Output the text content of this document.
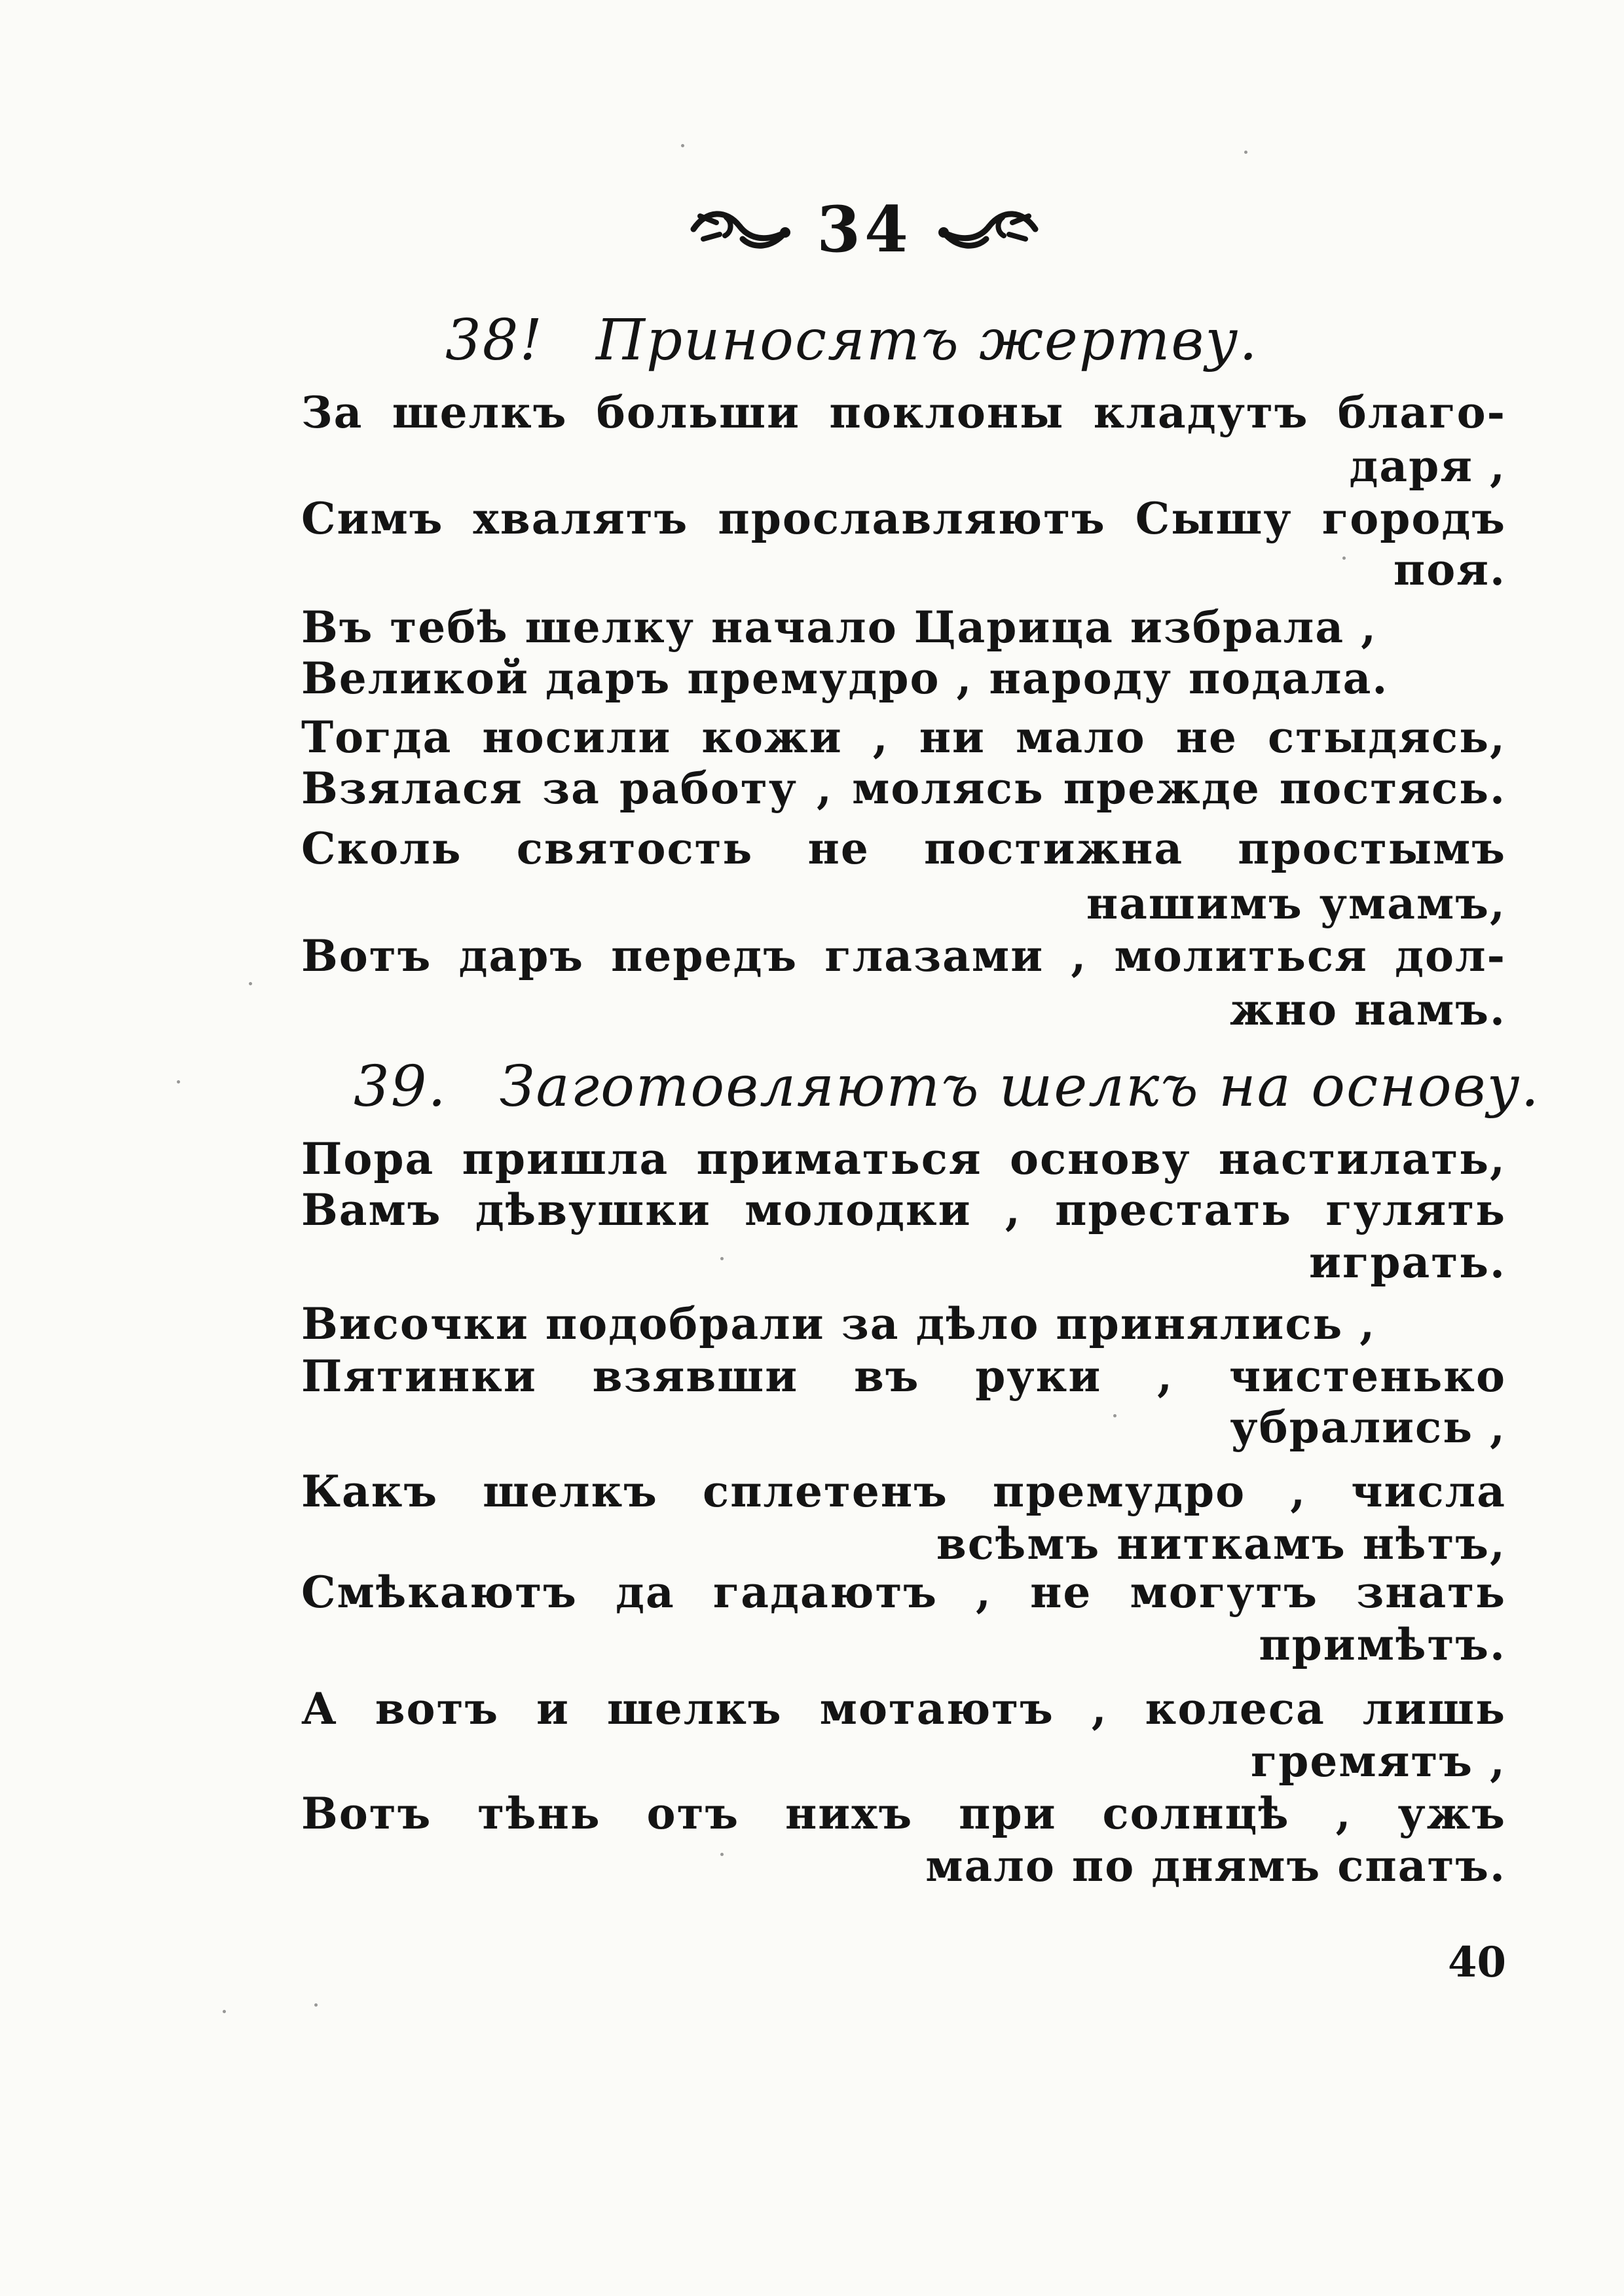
34
38! Приносятъ жертву.
За шелкъ больши поклоны кладутъ благо-
даря ,
Симъ хвалятъ прославляютъ Сышу городъ
поя.
Въ тебѣ шелку начало Царица избрала ,
Великой даръ премудро , народу подала.
Тогда носили кожи , ни мало не стыдясь,
Взялася за работу , молясь прежде постясь.
Сколь святость не постижна простымъ
нашимъ умамъ,
Вотъ даръ передъ глазами , молиться дол-
жно намъ.
39. Заготовляютъ шелкъ на основу.
Пора пришла приматься основу настилать,
Вамъ дѣвушки молодки , престать гулять
играть.
Височки подобрали за дѣло принялись ,
Пятинки взявши въ руки , чистенько
убрались ,
Какъ шелкъ сплетенъ премудро , числа
всѣмъ ниткамъ нѣтъ,
Смѣкаютъ да гадаютъ , не могутъ знать
примѣтъ.
А вотъ и шелкъ мотаютъ , колеса лишь
гремятъ ,
Вотъ тѣнь отъ нихъ при солнцѣ , ужъ
мало по днямъ спатъ.
40
